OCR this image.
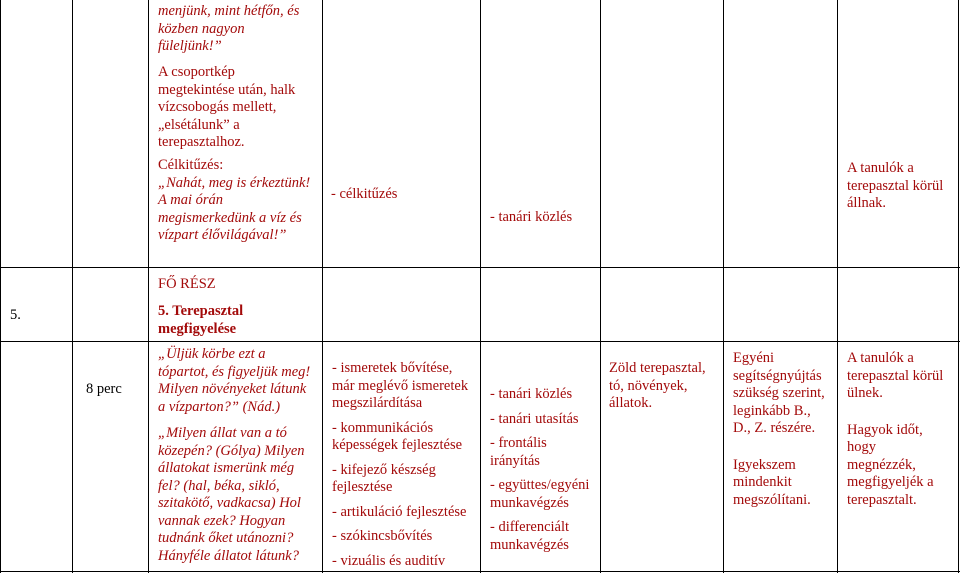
menjünk, mint hétfőn, és

közben nagyon

füleljünk!”

A csoportkép

megtekintése után, halk

vízcsobogás mellett,

„elsétálunk” a

terepasztalhoz.

Célkitűzés:

„Nahát, meg is érkeztünk!

A mai órán

megismerkedünk a víz és

vízpart élővilágával!”

- célkitűzés

- tanári közlés

A tanulók a

terepasztal körül

állnak.

5.
FŐ RÉSZ

5. Terepasztal

megfigyelése

8 perc

„Üljük körbe ezt a

tópartot, és figyeljük meg!

Milyen növényeket látunk

a vízparton?” (Nád.)

„Milyen állat van a tó

közepén? (Gólya) Milyen

állatokat ismerünk még

fel? (hal, béka, sikló,

szitakötő, vadkacsa) Hol

vannak ezek? Hogyan

tudnánk őket utánozni?

Hányféle állatot látunk?

- ismeretek bővítése,

már meglévő ismeretek

megszilárdítása

- kommunikációs

képességek fejlesztése

- kifejező készség

fejlesztése

- artikuláció fejlesztése

- szókincsbővítés

- vizuális és auditív

- tanári közlés

- tanári utasítás

- frontális

irányítás

- együttes/egyéni

munkavégzés

- differenciált

munkavégzés

Zöld terepasztal,

tó, növények,

állatok.

Egyéni

segítségnyújtás

szükség szerint,

leginkább B.,

D., Z. részére.

Igyekszem

mindenkit

megszólítani.

A tanulók a

terepasztal körül

ülnek.

Hagyok időt,

hogy

megnézzék,

megfigyeljék a

terepasztalt.
